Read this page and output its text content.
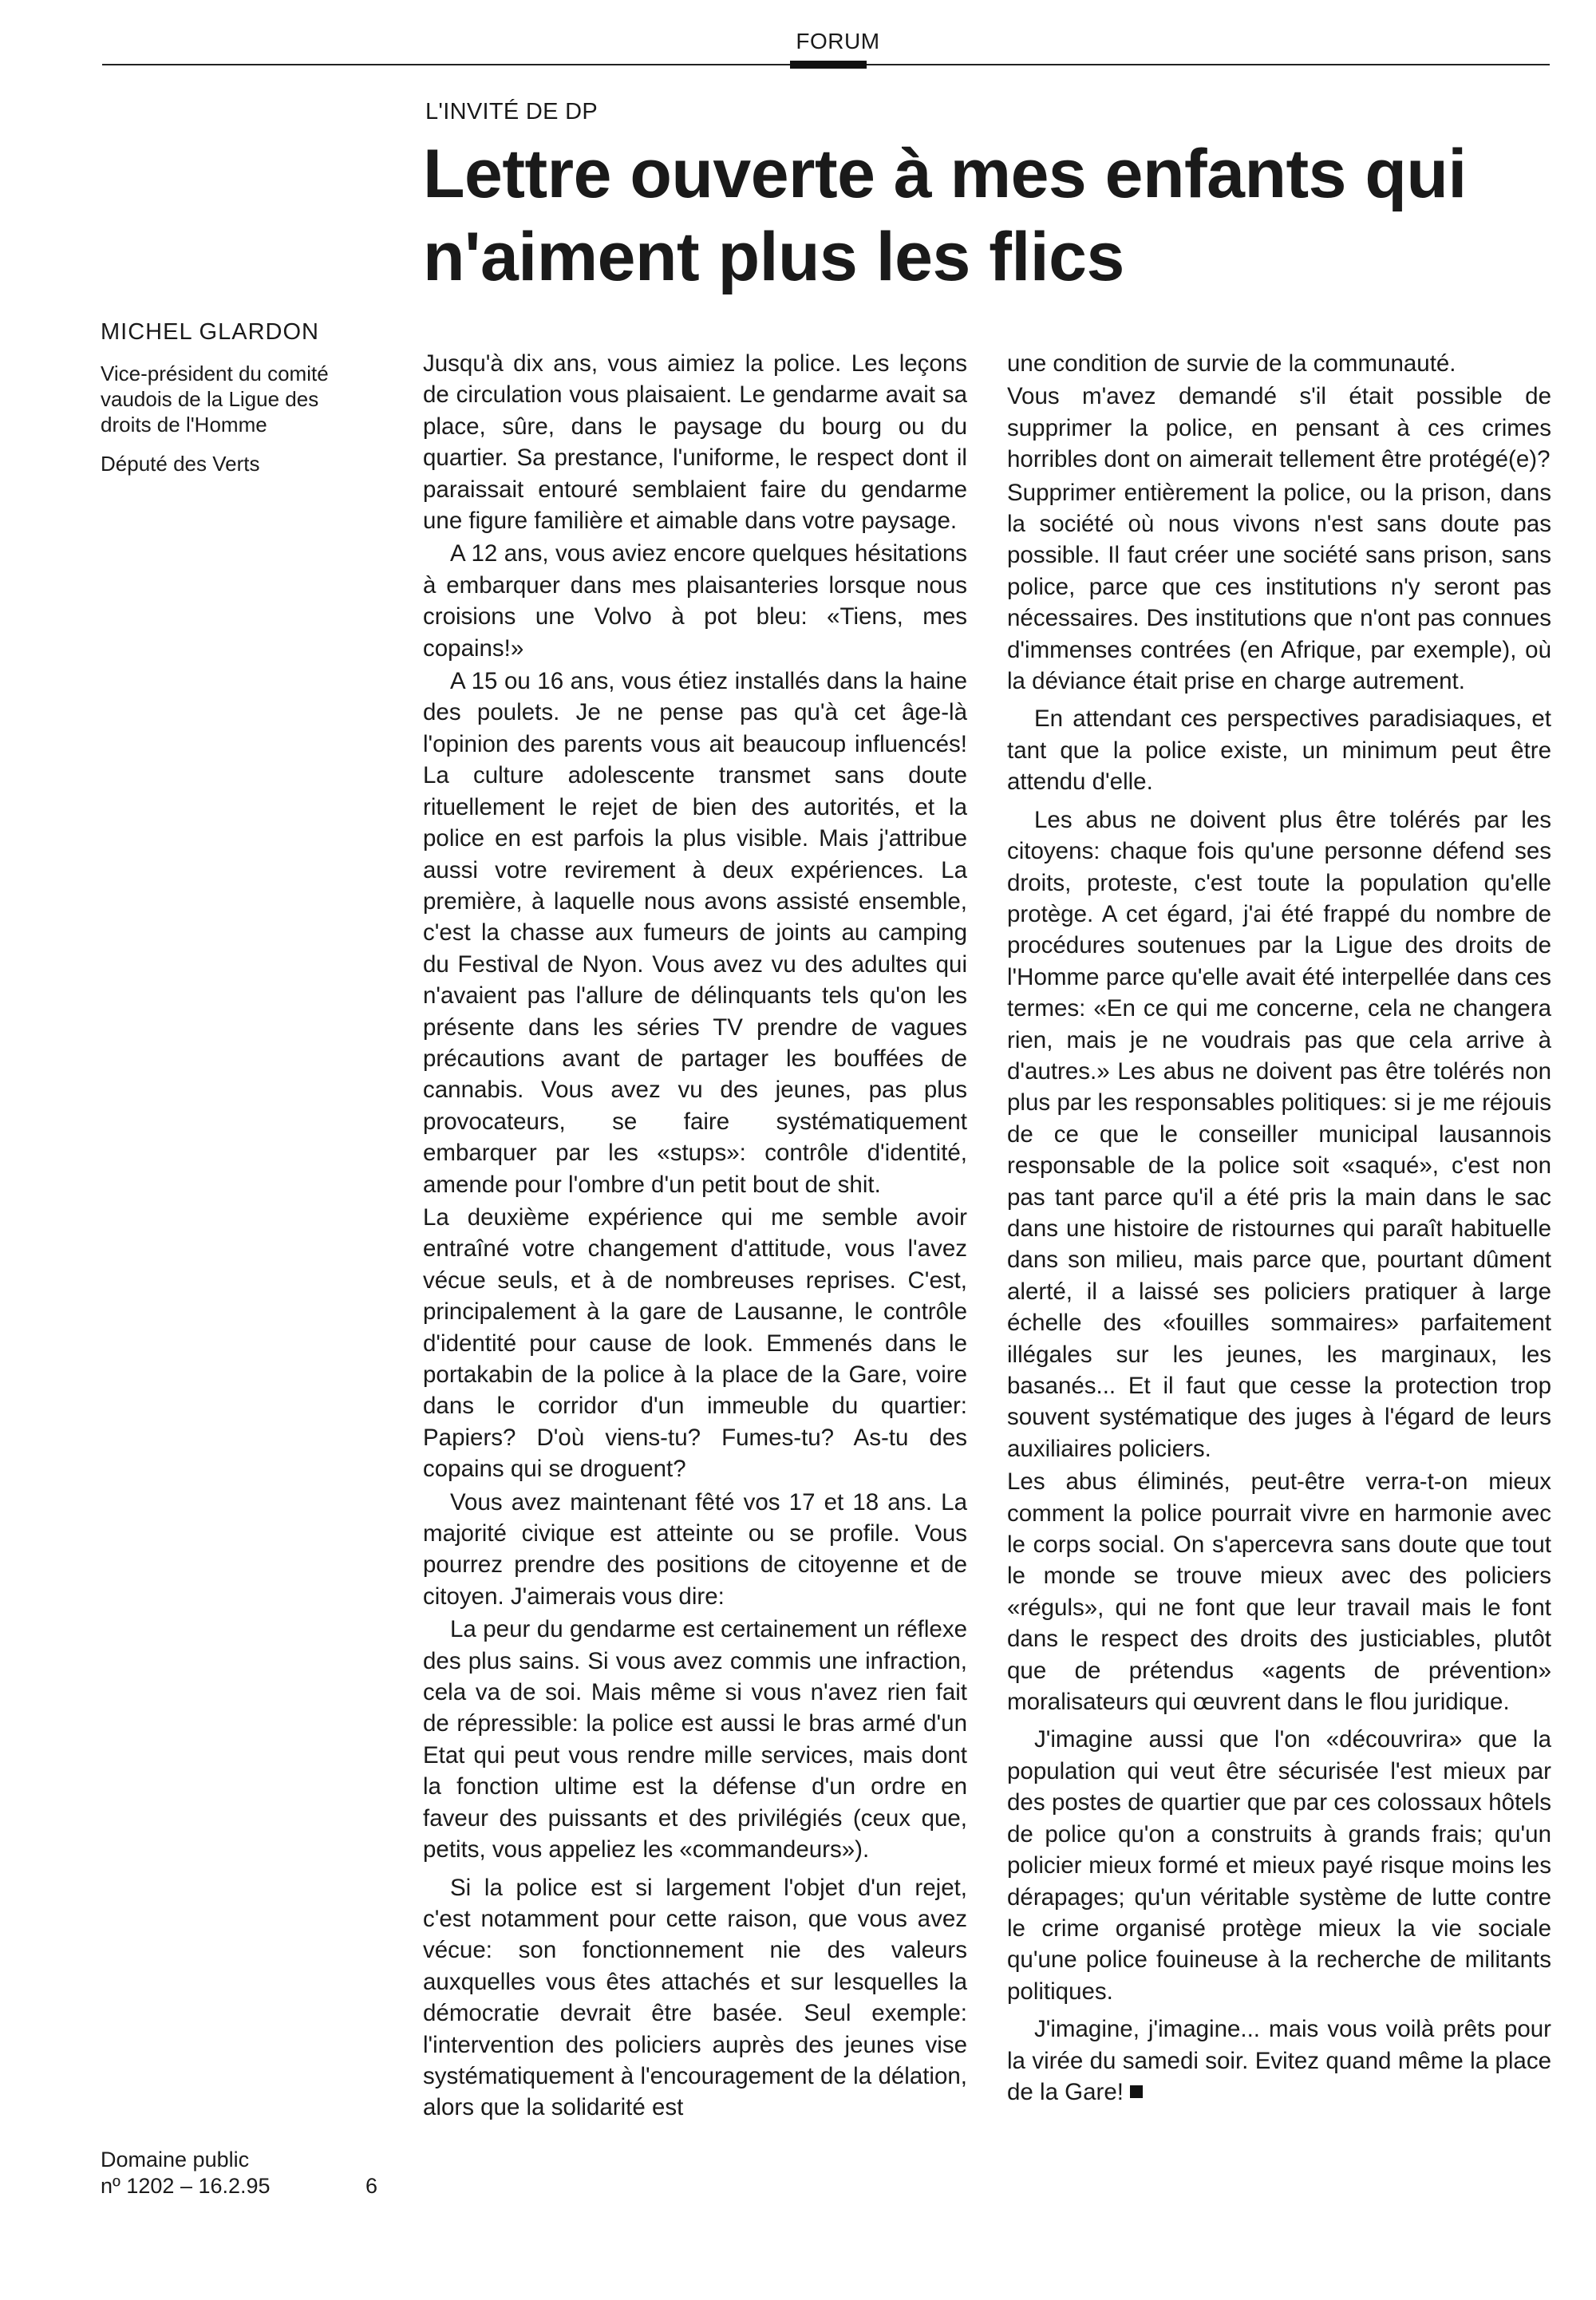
FORUM
L'INVITÉ DE DP
Lettre ouverte à mes enfants qui n'aiment plus les flics
MICHEL GLARDON
Vice-président du comité vaudois de la Ligue des droits de l'Homme
Député des Verts

Jusqu'à dix ans, vous aimiez la police. Les leçons de circulation vous plaisaient. Le gendarme avait sa place, sûre, dans le paysage du bourg ou du quartier. Sa prestance, l'uniforme, le respect dont il paraissait entouré semblaient faire du gendarme une figure familière et aimable dans votre paysage.

A 12 ans, vous aviez encore quelques hésitations à embarquer dans mes plaisanteries lorsque nous croisions une Volvo à pot bleu: «Tiens, mes copains!»

A 15 ou 16 ans, vous étiez installés dans la haine des poulets. Je ne pense pas qu'à cet âge-là l'opinion des parents vous ait beaucoup influencés! La culture adolescente transmet sans doute rituellement le rejet de bien des autorités, et la police en est parfois la plus visible. Mais j'attribue aussi votre revirement à deux expériences. La première, à laquelle nous avons assisté ensemble, c'est la chasse aux fumeurs de joints au camping du Festival de Nyon. Vous avez vu des adultes qui n'avaient pas l'allure de délinquants tels qu'on les présente dans les séries TV prendre de vagues précautions avant de partager les bouffées de cannabis. Vous avez vu des jeunes, pas plus provocateurs, se faire systématiquement embarquer par les «stups»: contrôle d'identité, amende pour l'ombre d'un petit bout de shit.

La deuxième expérience qui me semble avoir entraîné votre changement d'attitude, vous l'avez vécue seuls, et à de nombreuses reprises. C'est, principalement à la gare de Lausanne, le contrôle d'identité pour cause de look. Emmenés dans le portakabin de la police à la place de la Gare, voire dans le corridor d'un immeuble du quartier: Papiers? D'où viens-tu? Fumes-tu? As-tu des copains qui se droguent?

Vous avez maintenant fêté vos 17 et 18 ans. La majorité civique est atteinte ou se profile. Vous pourrez prendre des positions de citoyenne et de citoyen. J'aimerais vous dire:

La peur du gendarme est certainement un réflexe des plus sains. Si vous avez commis une infraction, cela va de soi. Mais même si vous n'avez rien fait de répressible: la police est aussi le bras armé d'un Etat qui peut vous rendre mille services, mais dont la fonction ultime est la défense d'un ordre en faveur des puissants et des privilégiés (ceux que, petits, vous appeliez les «commandeurs»).

Si la police est si largement l'objet d'un rejet, c'est notamment pour cette raison, que vous avez vécue: son fonctionnement nie des valeurs auxquelles vous êtes attachés et sur lesquelles la démocratie devrait être basée. Seul exemple: l'intervention des policiers auprès des jeunes vise systématiquement à l'encouragement de la délation, alors que la solidarité est

une condition de survie de la communauté.

Vous m'avez demandé s'il était possible de supprimer la police, en pensant à ces crimes horribles dont on aimerait tellement être protégé(e)?

Supprimer entièrement la police, ou la prison, dans la société où nous vivons n'est sans doute pas possible. Il faut créer une société sans prison, sans police, parce que ces institutions n'y seront pas nécessaires. Des institutions que n'ont pas connues d'immenses contrées (en Afrique, par exemple), où la déviance était prise en charge autrement.

En attendant ces perspectives paradisiaques, et tant que la police existe, un minimum peut être attendu d'elle.

Les abus ne doivent plus être tolérés par les citoyens: chaque fois qu'une personne défend ses droits, proteste, c'est toute la population qu'elle protège. A cet égard, j'ai été frappé du nombre de procédures soutenues par la Ligue des droits de l'Homme parce qu'elle avait été interpellée dans ces termes: «En ce qui me concerne, cela ne changera rien, mais je ne voudrais pas que cela arrive à d'autres.» Les abus ne doivent pas être tolérés non plus par les responsables politiques: si je me réjouis de ce que le conseiller municipal lausannois responsable de la police soit «saqué», c'est non pas tant parce qu'il a été pris la main dans le sac dans une histoire de ristournes qui paraît habituelle dans son milieu, mais parce que, pourtant dûment alerté, il a laissé ses policiers pratiquer à large échelle des «fouilles sommaires» parfaitement illégales sur les jeunes, les marginaux, les basanés... Et il faut que cesse la protection trop souvent systématique des juges à l'égard de leurs auxiliaires policiers.

Les abus éliminés, peut-être verra-t-on mieux comment la police pourrait vivre en harmonie avec le corps social. On s'apercevra sans doute que tout le monde se trouve mieux avec des policiers «réguls», qui ne font que leur travail mais le font dans le respect des droits des justiciables, plutôt que de prétendus «agents de prévention» moralisateurs qui œuvrent dans le flou juridique.

J'imagine aussi que l'on «découvrira» que la population qui veut être sécurisée l'est mieux par des postes de quartier que par ces colossaux hôtels de police qu'on a construits à grands frais; qu'un policier mieux formé et mieux payé risque moins les dérapages; qu'un véritable système de lutte contre le crime organisé protège mieux la vie sociale qu'une police fouineuse à la recherche de militants politiques.

J'imagine, j'imagine... mais vous voilà prêts pour la virée du samedi soir. Evitez quand même la place de la Gare!

Domaine public
nº 1202 – 16.2.95	6
